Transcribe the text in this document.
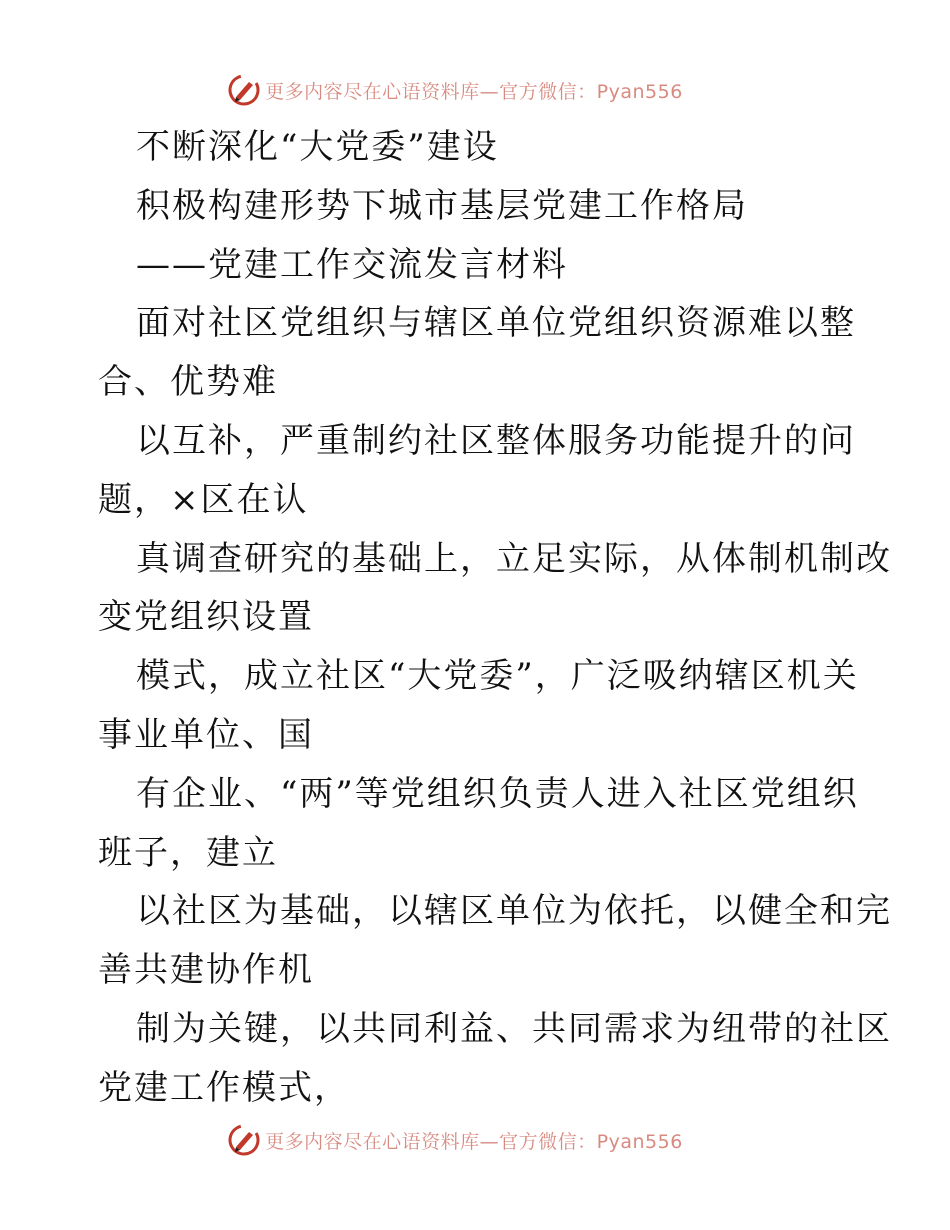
更多内容尽在心语资料库—官方微信：Pyan556
不断深化“大党委”建设
积极构建形势下城市基层党建工作格局
——党建工作交流发言材料
面对社区党组织与辖区单位党组织资源难以整
合、优势难
以互补，严重制约社区整体服务功能提升的问
题，×区在认
真调查研究的基础上，立足实际，从体制机制改
变党组织设置
模式，成立社区“大党委”，广泛吸纳辖区机关
事业单位、国
有企业、“两”等党组织负责人进入社区党组织
班子，建立
以社区为基础，以辖区单位为依托，以健全和完
善共建协作机
制为关键，以共同利益、共同需求为纽带的社区
党建工作模式，
更多内容尽在心语资料库—官方微信：Pyan556
